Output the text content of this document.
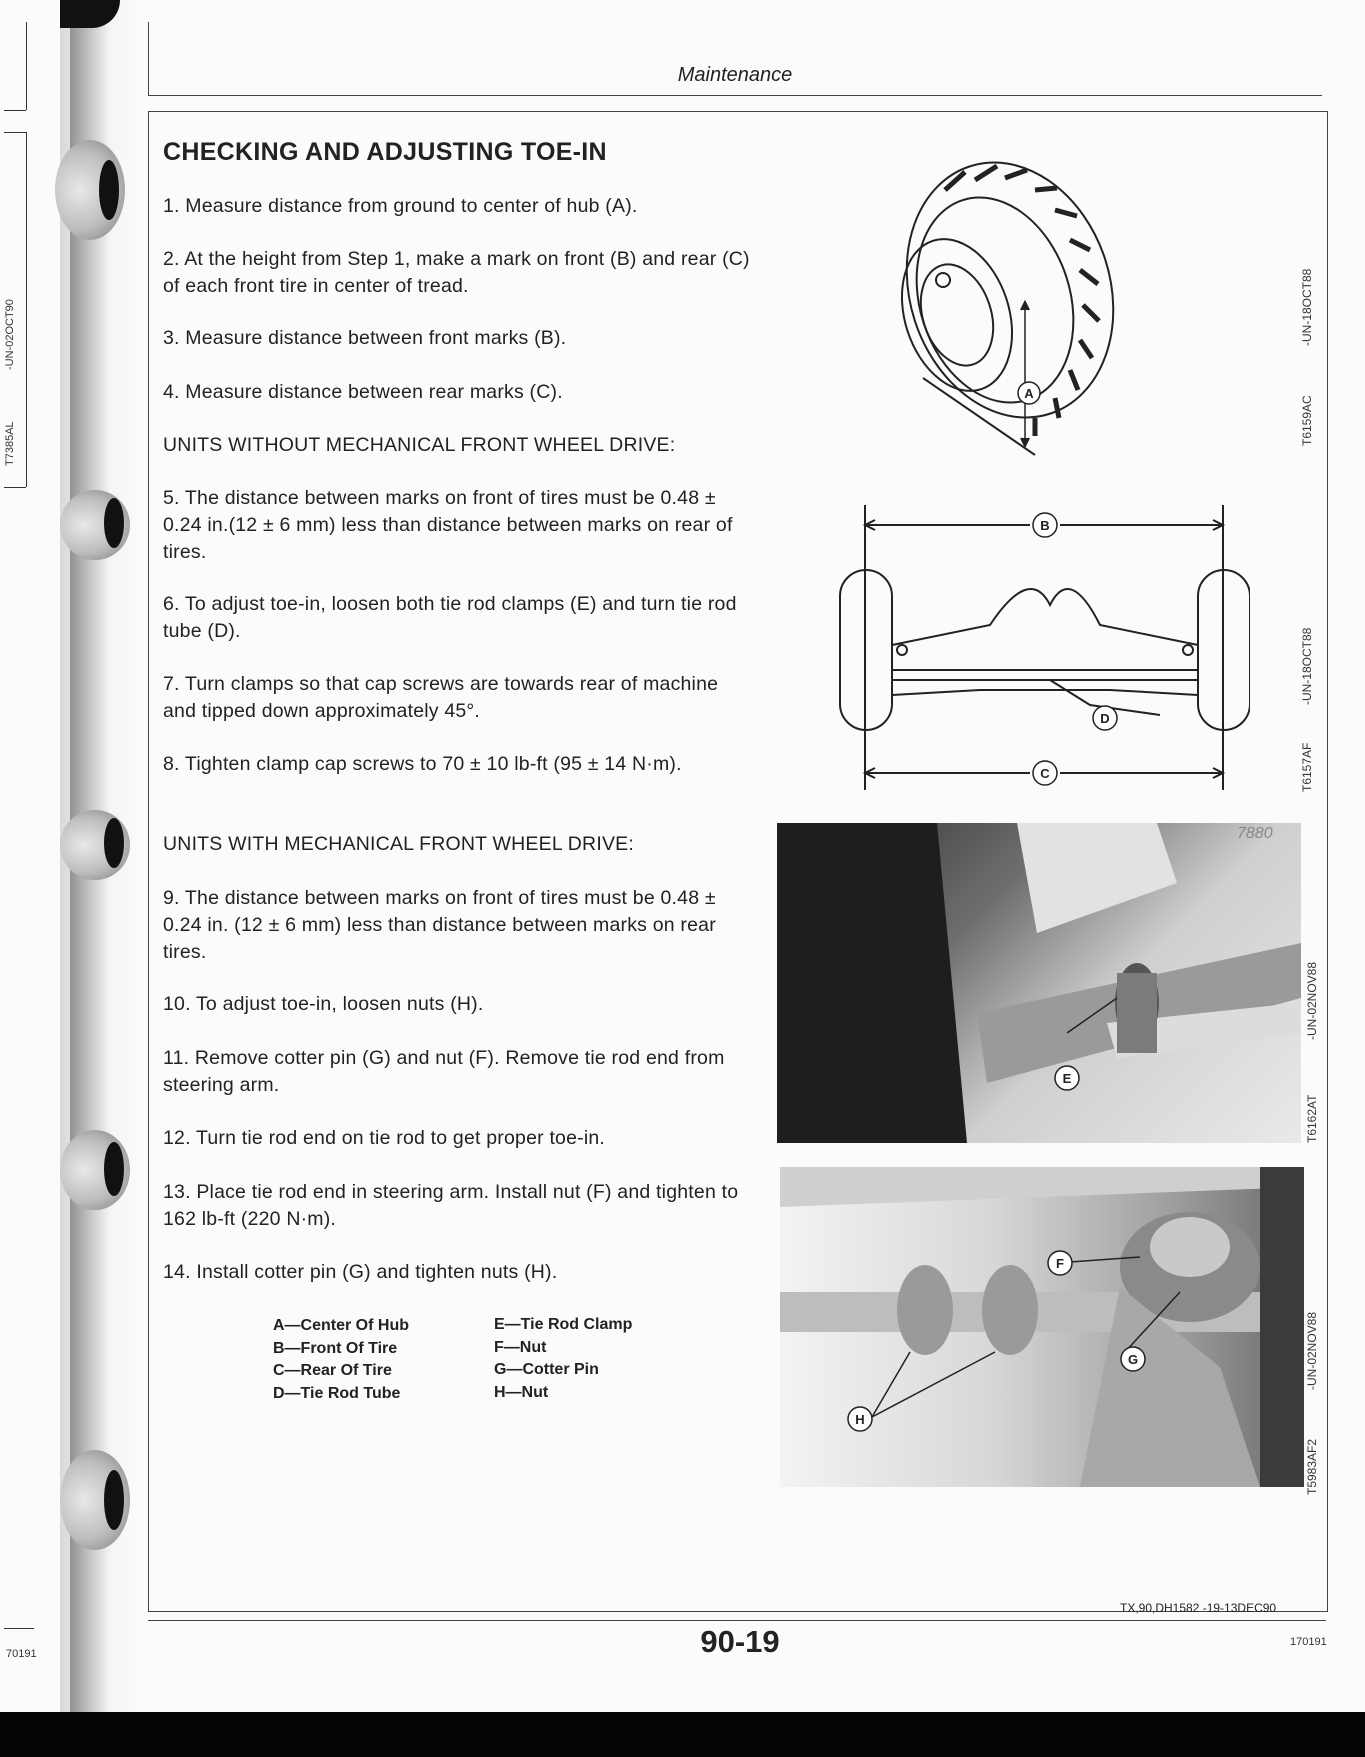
T7385AL
-UN-02OCT90
70191
Maintenance
CHECKING AND ADJUSTING TOE-IN
1. Measure distance from ground to center of hub (A).
2. At the height from Step 1, make a mark on front (B) and rear (C) of each front tire in center of tread.
3. Measure distance between front marks (B).
4. Measure distance between rear marks (C).
UNITS WITHOUT MECHANICAL FRONT WHEEL DRIVE:
5. The distance between marks on front of tires must be 0.48 ± 0.24 in.(12 ± 6 mm) less than distance between marks on rear of tires.
6. To adjust toe-in, loosen both tie rod clamps (E) and turn tie rod tube (D).
7. Turn clamps so that cap screws are towards rear of machine and tipped down approximately 45°.
8. Tighten clamp cap screws to 70 ± 10 lb-ft (95 ± 14 N·m).
UNITS WITH MECHANICAL FRONT WHEEL DRIVE:
9. The distance between marks on front of tires must be 0.48 ± 0.24 in. (12 ± 6 mm) less than distance between marks on rear tires.
10. To adjust toe-in, loosen nuts (H).
11. Remove cotter pin (G) and nut (F). Remove tie rod end from steering arm.
12. Turn tie rod end on tie rod to get proper toe-in.
13. Place tie rod end in steering arm. Install nut (F) and tighten to 162 lb-ft (220 N·m).
14. Install cotter pin (G) and tighten nuts (H).
A—Center Of Hub
B—Front Of Tire
C—Rear Of Tire
D—Tie Rod Tube
E—Tie Rod Clamp
F—Nut
G—Cotter Pin
H—Nut
A
T6159AC
-UN-18OCT88
B
C
D
T6157AF
-UN-18OCT88
7880
E
T6162AT
-UN-02NOV88
H
F
G
T5983AF2
-UN-02NOV88
TX,90,DH1582 -19-13DEC90
90-19	170191
